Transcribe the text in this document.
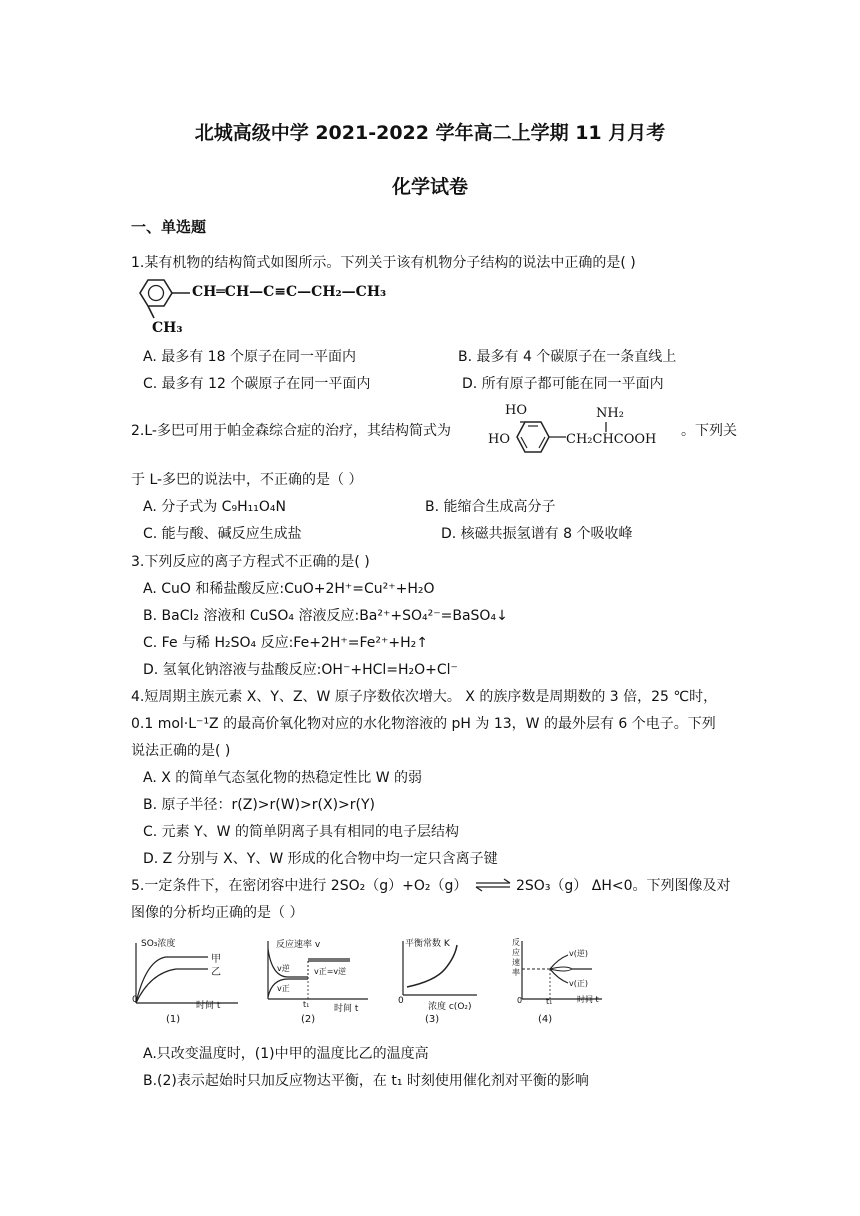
北城高级中学 2021-2022 学年高二上学期 11 月月考
化学试卷
一、单选题
1.某有机物的结构简式如图所示。下列关于该有机物分子结构的说法中正确的是( )
CH═CH—C≡C—CH₂—CH₃
CH₃
A. 最多有 18 个原子在同一平面内	B. 最多有 4 个碳原子在一条直线上
C. 最多有 12 个碳原子在同一平面内	D. 所有原子都可能在同一平面内
2.L-多巴可用于帕金森综合症的治疗，其结构简式为
HO
HO
NH₂
CH₂CHCOOH
。下列关
于 L-多巴的说法中，不正确的是（ ）
A. 分子式为 C₉H₁₁O₄N	B. 能缩合生成高分子
C. 能与酸、碱反应生成盐	D. 核磁共振氢谱有 8 个吸收峰
3.下列反应的离子方程式不正确的是( )
A. CuO 和稀盐酸反应:CuO+2H⁺=Cu²⁺+H₂O
B. BaCl₂ 溶液和 CuSO₄ 溶液反应:Ba²⁺+SO₄²⁻=BaSO₄↓
C. Fe 与稀 H₂SO₄ 反应:Fe+2H⁺=Fe²⁺+H₂↑
D. 氢氧化钠溶液与盐酸反应:OH⁻+HCl=H₂O+Cl⁻
4.短周期主族元素 X、Y、Z、W 原子序数依次增大。 X 的族序数是周期数的 3 倍，25 ℃时，
0.1 mol·L⁻¹Z 的最高价氧化物对应的水化物溶液的 pH 为 13，W 的最外层有 6 个电子。下列
说法正确的是( )
A. X 的简单气态氢化物的热稳定性比 W 的弱
B. 原子半径：r(Z)>r(W)>r(X)>r(Y)
C. 元素 Y、W 的简单阴离子具有相同的电子层结构
D. Z 分别与 X、Y、W 形成的化合物中均一定只含离子键
5.一定条件下，在密闭容中进行 2SO₂（g）+O₂（g） ⇌ 2SO₃（g） ΔH<0。下列图像及对
图像的分析均正确的是（ ）
SO₃浓度
甲
乙
0
时间 t
(1)
反应速率 v
v逆
v正
v正=v逆
t₁	时间 t
(2)
平衡常数 K
0
浓度 c(O₂)
(3)
反应速率
v(逆)
v(正)
0	t₁	时间 t
(4)
A.只改变温度时，(1)中甲的温度比乙的温度高
B.(2)表示起始时只加反应物达平衡，在 t₁ 时刻使用催化剂对平衡的影响
